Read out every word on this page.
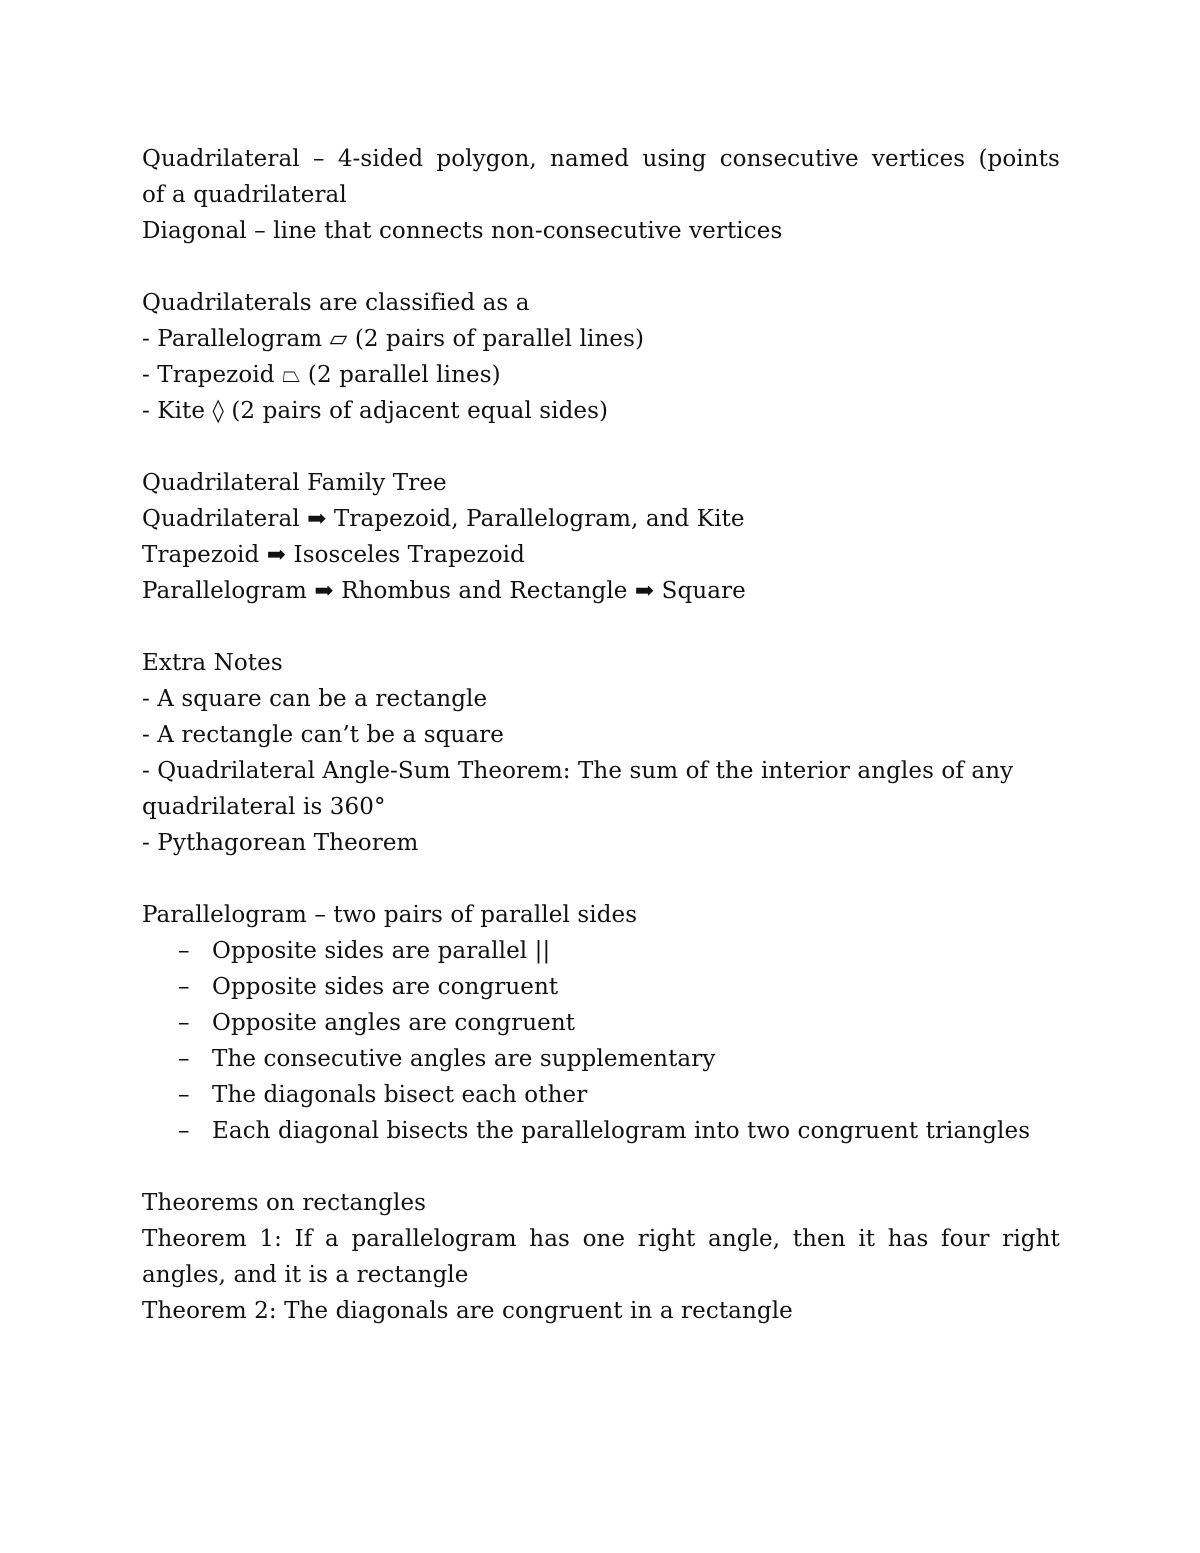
Quadrilateral – 4-sided polygon, named using consecutive vertices (points
of a quadrilateral
Diagonal – line that connects non-consecutive vertices
Quadrilaterals are classified as a
- Parallelogram ▱ (2 pairs of parallel lines)
- Trapezoid ⏢ (2 parallel lines)
- Kite ◊ (2 pairs of adjacent equal sides)
Quadrilateral Family Tree
Quadrilateral ➡ Trapezoid, Parallelogram, and Kite
Trapezoid ➡ Isosceles Trapezoid
Parallelogram ➡ Rhombus and Rectangle ➡ Square
Extra Notes
- A square can be a rectangle
- A rectangle can’t be a square
- Quadrilateral Angle-Sum Theorem: The sum of the interior angles of any
quadrilateral is 360°
- Pythagorean Theorem
Parallelogram – two pairs of parallel sides
– Opposite sides are parallel ||
– Opposite sides are congruent
– Opposite angles are congruent
– The consecutive angles are supplementary
– The diagonals bisect each other
– Each diagonal bisects the parallelogram into two congruent triangles
Theorems on rectangles
Theorem 1: If a parallelogram has one right angle, then it has four right
angles, and it is a rectangle
Theorem 2: The diagonals are congruent in a rectangle
